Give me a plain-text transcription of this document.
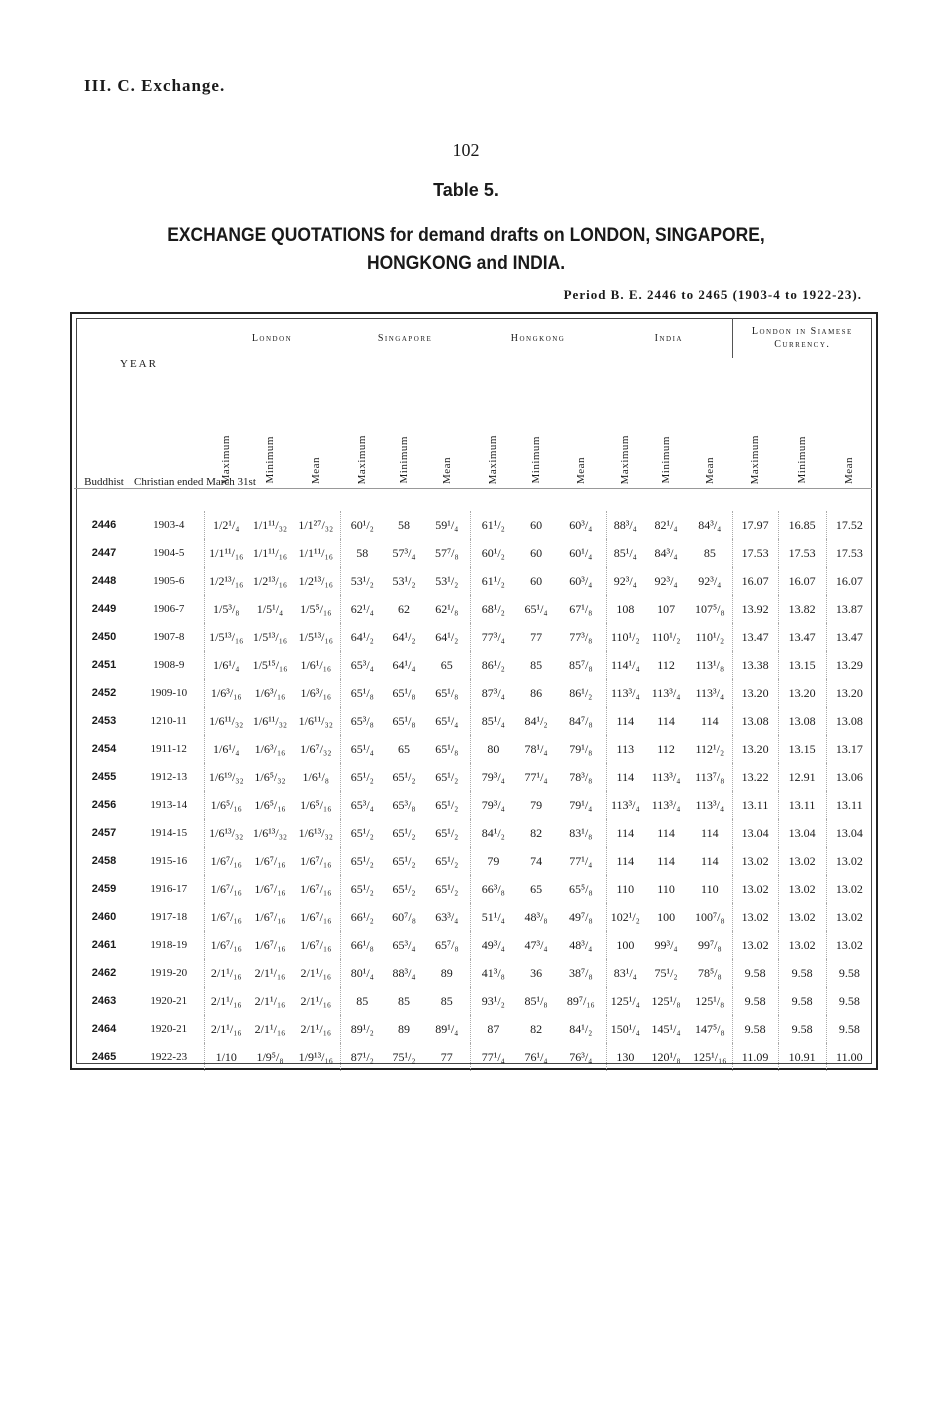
III. C. Exchange.
102
Table 5.
EXCHANGE QUOTATIONS for demand drafts on LONDON, SINGAPORE,
HONGKONG and INDIA.
Period B. E. 2446 to 2465 (1903-4 to 1922-23).
		London			Singapore			Hongkong			India			London in Siamese Currency.		
YEAR																
Buddhist	Christian ended March 31st	Maximum	Minimum	Mean	Maximum	Minimum	Mean	Maximum	Minimum	Mean	Maximum	Minimum	Mean	Maximum	Minimum	Mean

2446	1903-4	1/2¹/₄	1/1¹¹/₃₂	1/1²⁷/₃₂	60¹/₂	58	59¹/₄	61¹/₂	60	60³/₄	88³/₄	82¹/₄	84³/₄	17.97	16.85	17.52
2447	1904-5	1/1¹¹/₁₆	1/1¹¹/₁₆	1/1¹¹/₁₆	58	57³/₄	57⁷/₈	60¹/₂	60	60¹/₄	85¹/₄	84³/₄	85	17.53	17.53	17.53
2448	1905-6	1/2¹³/₁₆	1/2¹³/₁₆	1/2¹³/₁₆	53¹/₂	53¹/₂	53¹/₂	61¹/₂	60	60³/₄	92³/₄	92³/₄	92³/₄	16.07	16.07	16.07
2449	1906-7	1/5³/₈	1/5¹/₄	1/5⁵/₁₆	62¹/₄	62	62¹/₈	68¹/₂	65¹/₄	67¹/₈	108	107	107⁵/₈	13.92	13.82	13.87
2450	1907-8	1/5¹³/₁₆	1/5¹³/₁₆	1/5¹³/₁₆	64¹/₂	64¹/₂	64¹/₂	77³/₄	77	77³/₈	110¹/₂	110¹/₂	110¹/₂	13.47	13.47	13.47
2451	1908-9	1/6¹/₄	1/5¹⁵/₁₆	1/6¹/₁₆	65³/₄	64¹/₄	65	86¹/₂	85	85⁷/₈	114¹/₄	112	113¹/₈	13.38	13.15	13.29
2452	1909-10	1/6³/₁₆	1/6³/₁₆	1/6³/₁₆	65¹/₈	65¹/₈	65¹/₈	87³/₄	86	86¹/₂	113³/₄	113³/₄	113³/₄	13.20	13.20	13.20
2453	1210-11	1/6¹¹/₃₂	1/6¹¹/₃₂	1/6¹¹/₃₂	65³/₈	65¹/₈	65¹/₄	85¹/₄	84¹/₂	84⁷/₈	114	114	114	13.08	13.08	13.08
2454	1911-12	1/6¹/₄	1/6³/₁₆	1/6⁷/₃₂	65¹/₄	65	65¹/₈	80	78¹/₄	79¹/₈	113	112	112¹/₂	13.20	13.15	13.17
2455	1912-13	1/6¹⁹/₃₂	1/6⁵/₃₂	1/6¹/₈	65¹/₂	65¹/₂	65¹/₂	79³/₄	77¹/₄	78³/₈	114	113³/₄	113⁷/₈	13.22	12.91	13.06
2456	1913-14	1/6⁵/₁₆	1/6⁵/₁₆	1/6⁵/₁₆	65³/₄	65³/₈	65¹/₂	79³/₄	79	79¹/₄	113³/₄	113³/₄	113³/₄	13.11	13.11	13.11
2457	1914-15	1/6¹³/₃₂	1/6¹³/₃₂	1/6¹³/₃₂	65¹/₂	65¹/₂	65¹/₂	84¹/₂	82	83¹/₈	114	114	114	13.04	13.04	13.04
2458	1915-16	1/6⁷/₁₆	1/6⁷/₁₆	1/6⁷/₁₆	65¹/₂	65¹/₂	65¹/₂	79	74	77¹/₄	114	114	114	13.02	13.02	13.02
2459	1916-17	1/6⁷/₁₆	1/6⁷/₁₆	1/6⁷/₁₆	65¹/₂	65¹/₂	65¹/₂	66³/₈	65	65⁵/₈	110	110	110	13.02	13.02	13.02
2460	1917-18	1/6⁷/₁₆	1/6⁷/₁₆	1/6⁷/₁₆	66¹/₂	60⁷/₈	63³/₄	51¹/₄	48³/₈	49⁷/₈	102¹/₂	100	100⁷/₈	13.02	13.02	13.02
2461	1918-19	1/6⁷/₁₆	1/6⁷/₁₆	1/6⁷/₁₆	66¹/₈	65³/₄	65⁷/₈	49³/₄	47³/₄	48³/₄	100	99³/₄	99⁷/₈	13.02	13.02	13.02
2462	1919-20	2/1¹/₁₆	2/1¹/₁₆	2/1¹/₁₆	80¹/₄	88³/₄	89	41³/₈	36	38⁷/₈	83¹/₄	75¹/₂	78⁵/₈	9.58	9.58	9.58
2463	1920-21	2/1¹/₁₆	2/1¹/₁₆	2/1¹/₁₆	85	85	85	93¹/₂	85¹/₈	89⁷/₁₆	125¹/₄	125¹/₈	125¹/₈	9.58	9.58	9.58
2464	1920-21	2/1¹/₁₆	2/1¹/₁₆	2/1¹/₁₆	89¹/₂	89	89¹/₄	87	82	84¹/₂	150¹/₄	145¹/₄	147⁵/₈	9.58	9.58	9.58
2465	1922-23	1/10	1/9⁵/₈	1/9¹³/₁₆	87¹/₂	75¹/₂	77	77¹/₄	76¹/₄	76³/₄	130	120¹/₈	125¹/₁₆	11.09	10.91	11.00
